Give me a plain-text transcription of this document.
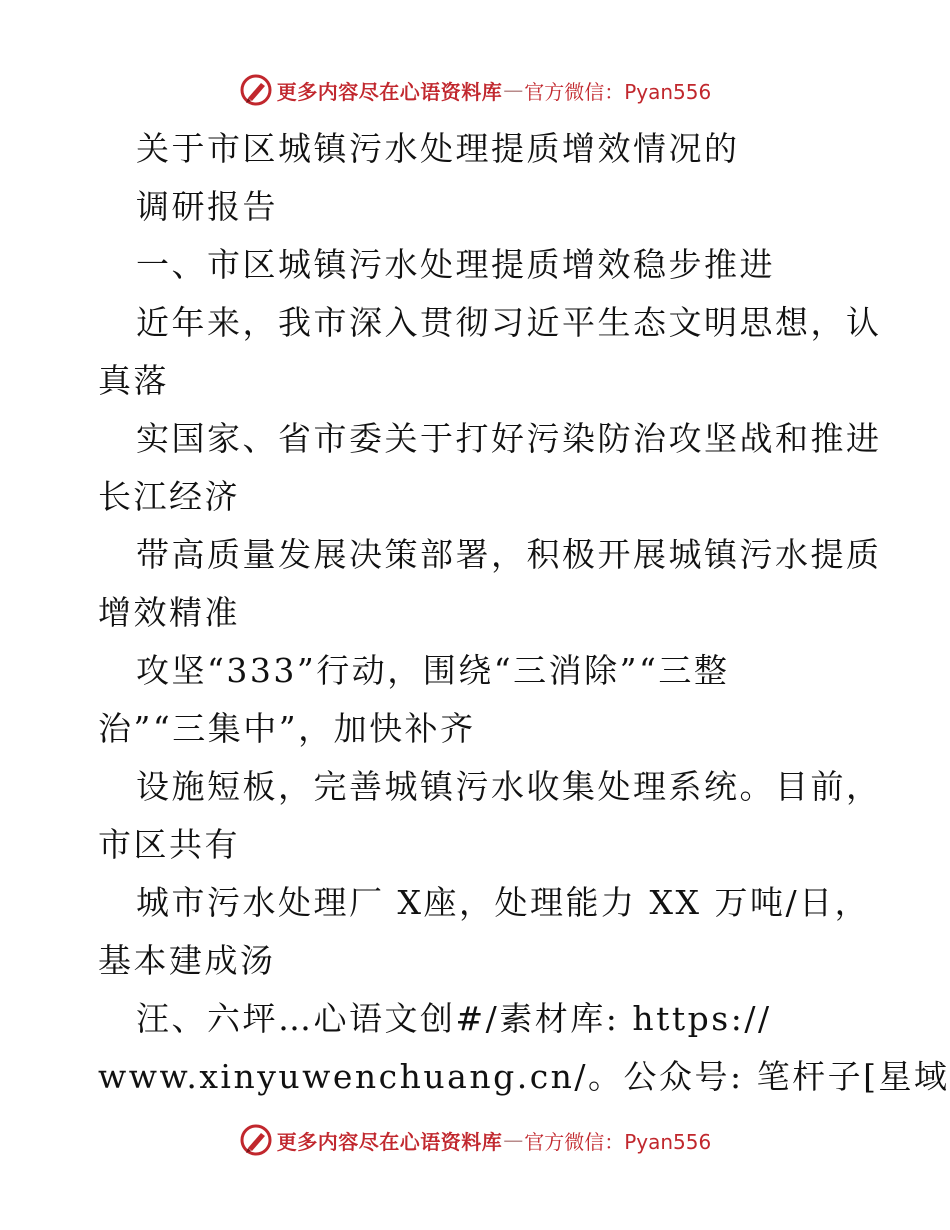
更多内容尽在心语资料库 — 官方微信：Pyan556
关于市区城镇污水处理提质增效情况的
调研报告
一、市区城镇污水处理提质增效稳步推进
近年来，我市深入贯彻习近平生态文明思想，认
真落
实国家、省市委关于打好污染防治攻坚战和推进
长江经济
带高质量发展决策部署，积极开展城镇污水提质
增效精准
攻坚“333”行动，围绕“三消除”“三整
治”“三集中”，加快补齐
设施短板，完善城镇污水收集处理系统。目前，
市区共有
城市污水处理厂 X座，处理能力 XX 万吨/日，
基本建成汤
汪、六坪…心语文创#/素材库: https://
www.xinyuwenchuang.cn/。公众号: 笔杆子[星域
更多内容尽在心语资料库 — 官方微信：Pyan556
